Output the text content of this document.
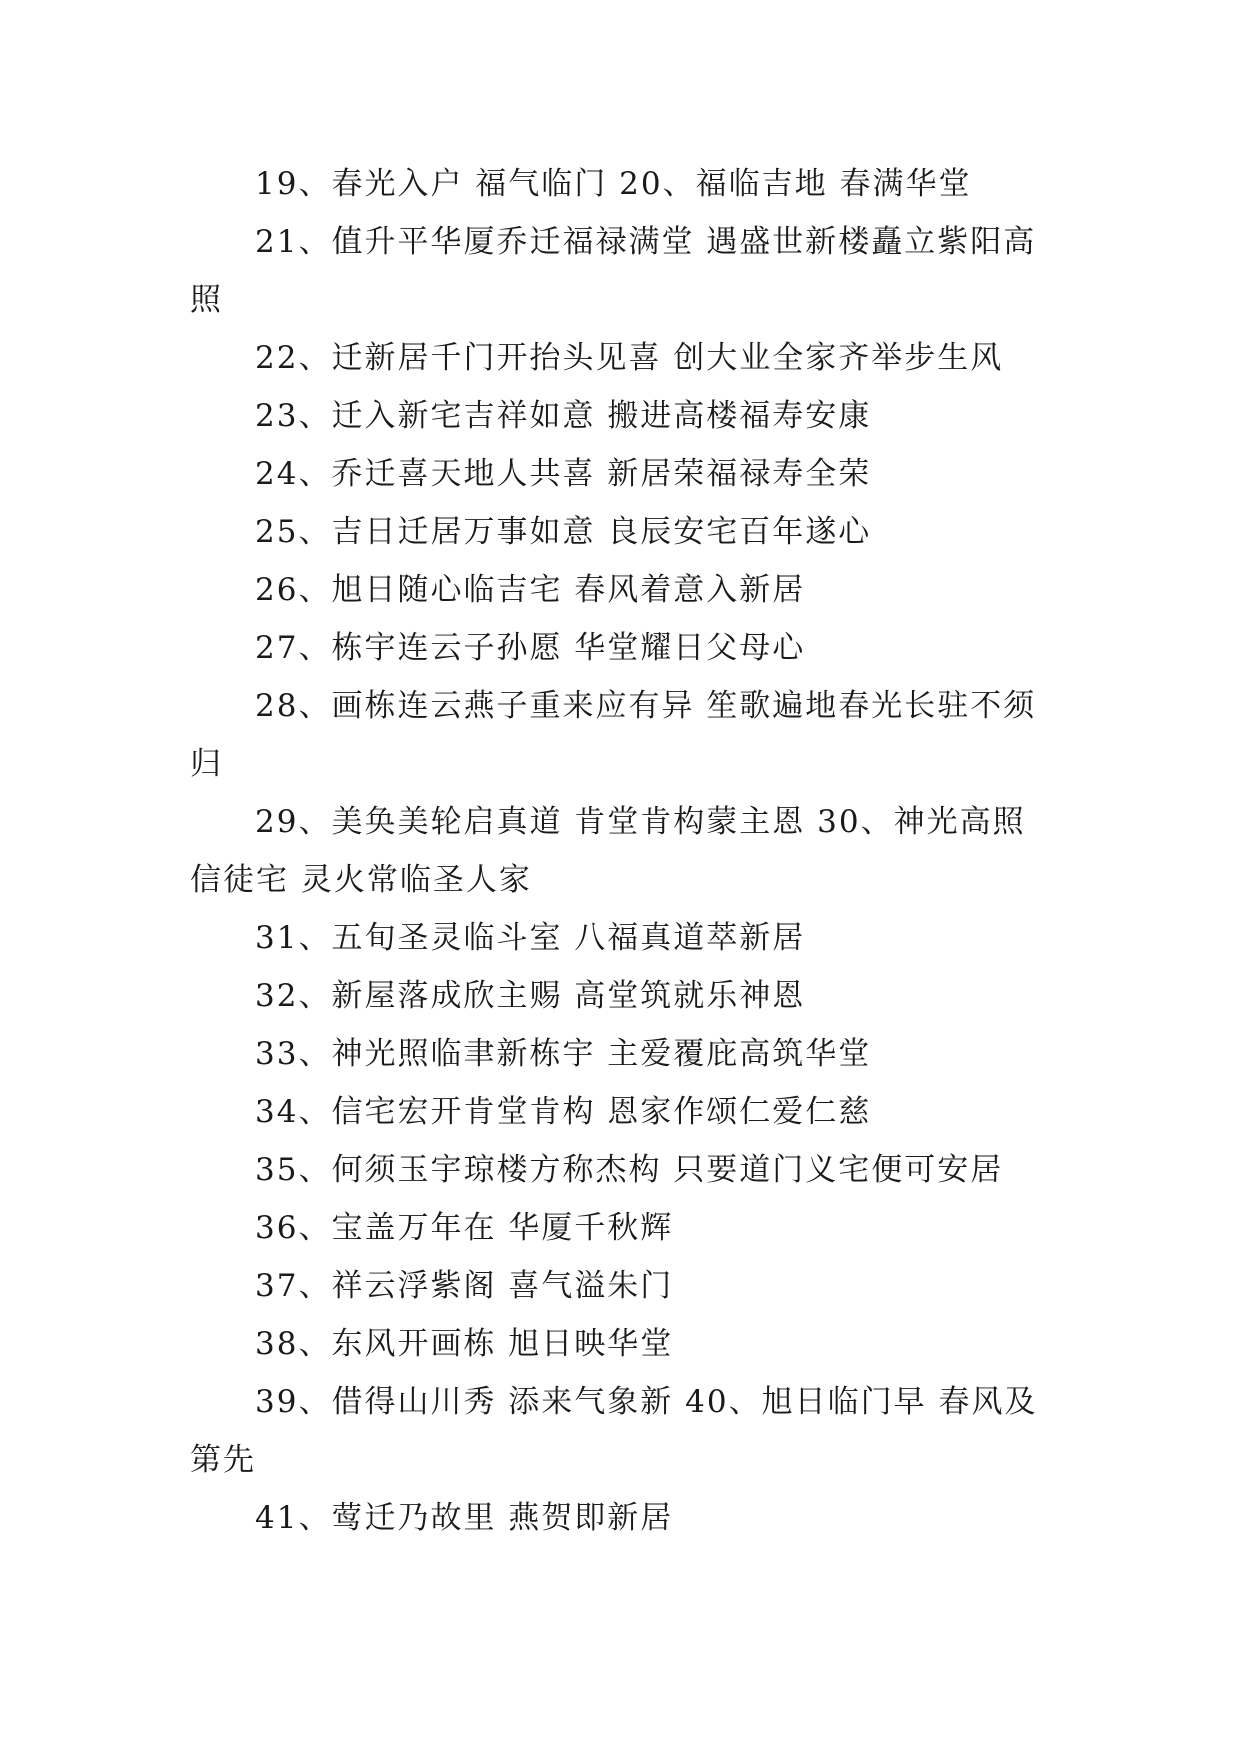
19、春光入户 福气临门 20、福临吉地 春满华堂

21、值升平华厦乔迁福禄满堂 遇盛世新楼矗立紫阳高照

22、迁新居千门开抬头见喜 创大业全家齐举步生风

23、迁入新宅吉祥如意 搬进高楼福寿安康

24、乔迁喜天地人共喜 新居荣福禄寿全荣

25、吉日迁居万事如意 良辰安宅百年遂心

26、旭日随心临吉宅 春风着意入新居

27、栋宇连云子孙愿 华堂耀日父母心

28、画栋连云燕子重来应有异 笙歌遍地春光长驻不须归

29、美奂美轮启真道 肯堂肯构蒙主恩 30、神光高照信徒宅 灵火常临圣人家

31、五旬圣灵临斗室 八福真道萃新居

32、新屋落成欣主赐 高堂筑就乐神恩

33、神光照临聿新栋宇 主爱覆庇高筑华堂

34、信宅宏开肯堂肯构 恩家作颂仁爱仁慈

35、何须玉宇琼楼方称杰构 只要道门义宅便可安居

36、宝盖万年在 华厦千秋辉

37、祥云浮紫阁 喜气溢朱门

38、东风开画栋 旭日映华堂

39、借得山川秀 添来气象新 40、旭日临门早 春风及第先

41、莺迁乃故里 燕贺即新居
